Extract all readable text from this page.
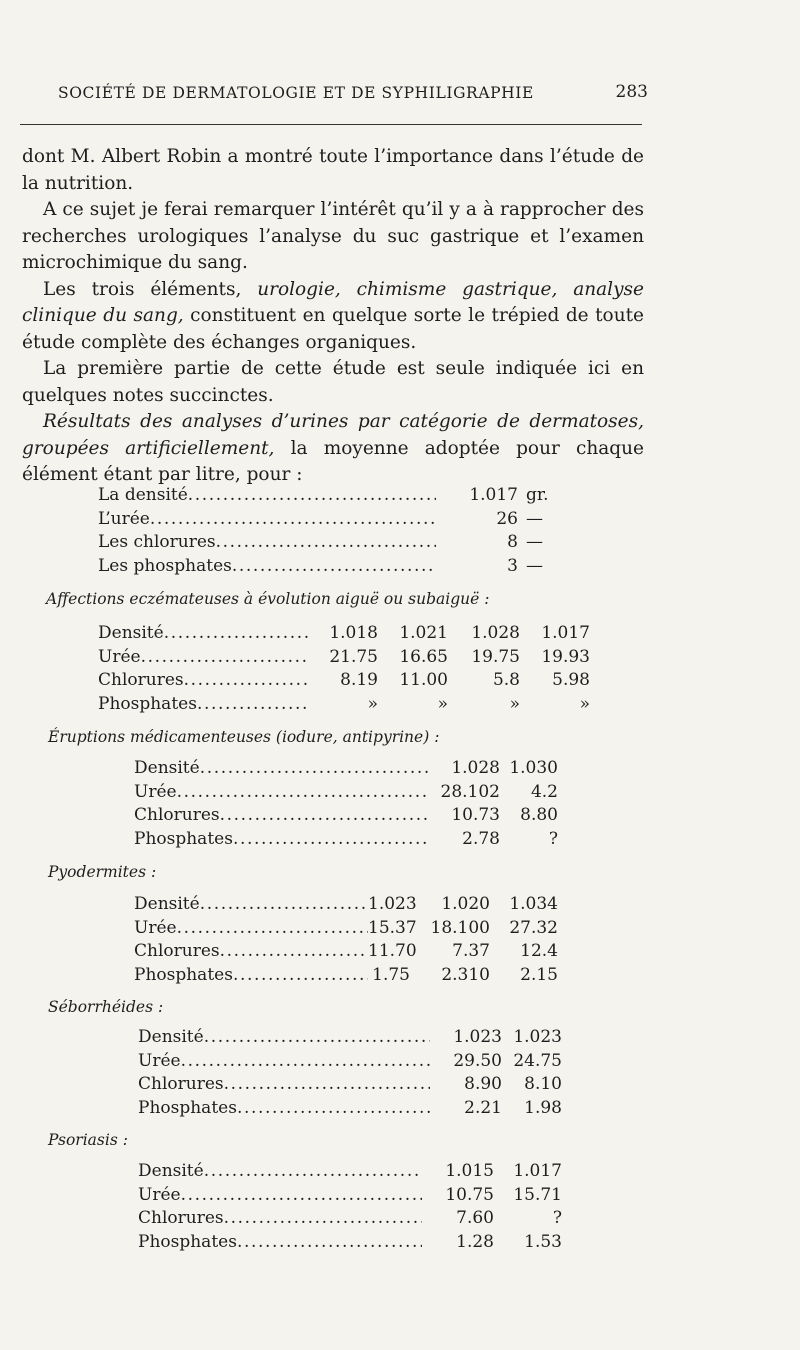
SOCIÉTÉ DE DERMATOLOGIE ET DE SYPHILIGRAPHIE	283

dont M. Albert Robin a montré toute l’importance dans l’étude de la nutrition.

A ce sujet je ferai remarquer l’intérêt qu’il y a à rapprocher des recherches urologiques l’analyse du suc gastrique et l’examen microchimique du sang.

Les trois éléments, urologie, chimisme gastrique, analyse clinique du sang, constituent en quelque sorte le trépied de toute étude complète des échanges organiques.

La première partie de cette étude est seule indiquée ici en quelques notes succinctes.

Résultats des analyses d’urines par catégorie de dermatoses, groupées artificiellement, la moyenne adoptée pour chaque élément étant par litre, pour :

La densité .....	1.017 gr.
L’urée .....	26 —
Les chlorures .....	8 —
Les phosphates .....	3 —
Affections eczémateuses à évolution aiguë ou subaiguë :
Densité .....	1.018	1.021	1.028	1.017
Urée .....	21.75	16.65	19.75	19.93
Chlorures .....	8.19	11.00	5.8	5.98
Phosphates .....	»	»	»	»
Éruptions médicamenteuses (iodure, antipyrine) :
Densité .....	1.028 1.030
Urée .....	28.102	4.2
Chlorures .....	10.73	8.80
Phosphates .....	2.78	?
Pyodermites :
Densité .....	1.023	1.020	1.034
Urée .....	15.37 18.100	27.32
Chlorures .....	11.70	7.37	12.4
Phosphates .....	1.75	2.310	2.15
Séborrhéides :
Densité .....	1.023 1.023
Urée .....	29.50 24.75
Chlorures .....	8.90	8.10
Phosphates .....	2.21	1.98
Psoriasis :
Densité .....	1.015	1.017
Urée .....	10.75	15.71
Chlorures .....	7.60	?
Phosphates .....	1.28	1.53
